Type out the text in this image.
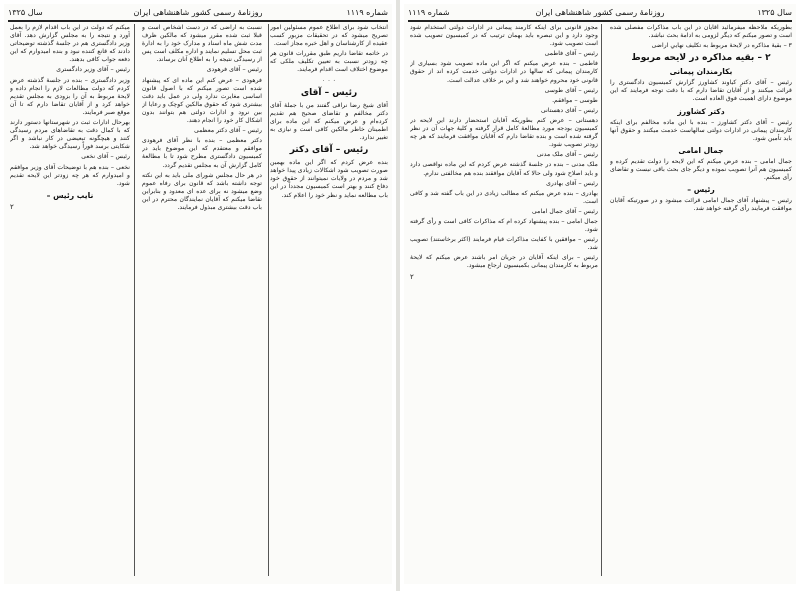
شماره ۱۱۱۹
روزنامهٔ رسمی کشور شاهنشاهی ایران
سال ۱۳۲۵

انتخاب شود برای اطلاع عموم مسئولین امور تصریح میشود که در تحقیقات مزبور کسب عقیده از کارشناسان و اهل خبره مجاز است.

در خاتمه تقاضا داریم طبق مقررات قانون هر چه زودتر نسبت به تعیین تکلیف ملکی که موضوع اختلاف است اقدام فرمایند.

۰ ۰ ۰

رئیس – آقای

آقای شیخ رضا نراقی گفتند من با جملهٔ آقای دکتر مخالفم و تقاضای صحیح هم تقدیم کرده‌ام و عرض میکنم که این ماده برای اطمینان خاطر مالکین کافی است و نیازی به تغییر ندارد.

رئیس – آقای دکتر

بنده عرض کردم که اگر این ماده بهمین صورت تصویب شود اشکالات زیادی پیدا خواهد شد و مردم در ولایات نمیتوانند از حقوق خود دفاع کنند و بهتر است کمیسیون مجدداً در این باب مطالعه نماید و نظر خود را اعلام کند.

نسبت به اراضی که در دست اشخاص است و قبلا ثبت شده مقرر میشود که مالکین ظرف مدت شش ماه اسناد و مدارک خود را به ادارهٔ ثبت محل تسلیم نمایند و اداره مکلف است پس از رسیدگی نتیجه را به اطلاع آنان برساند.

رئیس – آقای فرهودی

فرهودی – عرض کنم این ماده ای که پیشنهاد شده است تصور میکنم که با اصول قانون اساسی مغایرت ندارد ولی در عمل باید دقت بیشتری شود که حقوق مالکین کوچک و رعایا از بین نرود و ادارات دولتی هم بتوانند بدون اشکال کار خود را انجام دهند.

رئیس – آقای دکتر معظمی

دکتر معظمی – بنده با نظر آقای فرهودی موافقم و معتقدم که این موضوع باید در کمیسیون دادگستری مطرح شود تا با مطالعهٔ کامل گزارش آن به مجلس تقدیم گردد.

در هر حال مجلس شورای ملی باید به این نکته توجه داشته باشد که قانون برای رفاه عموم وضع میشود نه برای عده ای معدود و بنابراین تقاضا میکنم که آقایان نمایندگان محترم در این باب دقت بیشتری مبذول فرمایند.

میکنم که دولت در این باب اقدام لازم را بعمل آورد و نتیجه را به مجلس گزارش دهد. آقای وزیر دادگستری هم در جلسهٔ گذشته توضیحاتی دادند که قانع کننده نبود و بنده امیدوارم که این دفعه جواب کافی بدهند.

رئیس – آقای وزیر دادگستری

وزیر دادگستری – بنده در جلسهٔ گذشته عرض کردم که دولت مطالعات لازم را انجام داده و لایحهٔ مربوط به آن را بزودی به مجلس تقدیم خواهد کرد و از آقایان تقاضا دارم که تا آن موقع صبر فرمایند.

بهرحال ادارات ثبت در شهرستانها دستور دارند که با کمال دقت به تقاضاهای مردم رسیدگی کنند و هیچگونه تبعیضی در کار نباشد و اگر شکایتی برسد فوراً رسیدگی خواهد شد.

رئیس – آقای نخعی

نخعی – بنده هم با توضیحات آقای وزیر موافقم و امیدوارم که هر چه زودتر این لایحه تقدیم شود.

نایب رئیس –

۲

سال ۱۳۲۵
روزنامهٔ رسمی کشور شاهنشاهی ایران
شماره ۱۱۱۹

بطوریکه ملاحظه میفرمائید آقایان در این باب مذاکرات مفصلی شده است و تصور میکنم که دیگر لزومی به ادامهٔ بحث نباشد.

۳ – بقیهٔ مذاکره در لایحهٔ مربوط به تکلیف نهاییِ اراضی

۲ – بقیه مذاکره در لایحه مربوط
بکارمندان پیمانی

رئیس – آقای دکتر کیاوند کشاورز گزارش کمیسیون دادگستری را قرائت میکنند و از آقایان تقاضا دارم که با دقت توجه فرمایند که این موضوع دارای اهمیت فوق العاده است.

دکتر کشاورز

رئیس – آقای دکتر کشاورز – بنده با این ماده مخالفم برای اینکه کارمندان پیمانی در ادارات دولتی سالهاست خدمت میکنند و حقوق آنها باید تأمین شود.

جمال امامی

جمال امامی – بنده عرض میکنم که این لایحه را دولت تقدیم کرده و کمیسیون هم آنرا تصویب نموده و دیگر جای بحث باقی نیست و تقاضای رأی میکنم.

رئیس –

رئیس – پیشنهاد آقای جمال امامی قرائت میشود و در صورتیکه آقایان موافقت فرمایند رأی گرفته خواهد شد.

مجوز قانونی برای اینکه کارمند پیمانی در ادارات دولتی استخدام شود وجود دارد و این تبصره باید بهمان ترتیب که در کمیسیون تصویب شده است تصویب شود.

رئیس – آقای فاطمی

فاطمی – بنده عرض میکنم که اگر این ماده تصویب شود بسیاری از کارمندان پیمانی که سالها در ادارات دولتی خدمت کرده اند از حقوق قانونی خود محروم خواهند شد و این بر خلاف عدالت است.

رئیس – آقای طوسی

طوسی – موافقم.

رئیس – آقای دهستانی

دهستانی – عرض کنم بطوریکه آقایان استحضار دارند این لایحه در کمیسیون بودجه مورد مطالعهٔ کامل قرار گرفته و کلیهٔ جهات آن در نظر گرفته شده است و بنده تقاضا دارم که آقایان موافقت فرمایند که هر چه زودتر تصویب شود.

رئیس – آقای ملک مدنی

ملک مدنی – بنده در جلسهٔ گذشته عرض کردم که این ماده نواقصی دارد و باید اصلاح شود ولی حالا که آقایان موافقند بنده هم مخالفتی ندارم.

رئیس – آقای بهادری

بهادری – بنده عرض میکنم که مطالب زیادی در این باب گفته شد و کافی است.

رئیس – آقای جمال امامی

جمال امامی – بنده پیشنهاد کرده ام که مذاکرات کافی است و رأی گرفته شود.

رئیس – موافقین با کفایت مذاکرات قیام فرمایند (اکثر برخاستند) تصویب شد.

رئیس – برای اینکه آقایان در جریان امر باشند عرض میکنم که لایحهٔ مربوط به کارمندان پیمانی بکمیسیون ارجاع میشود.

۲
